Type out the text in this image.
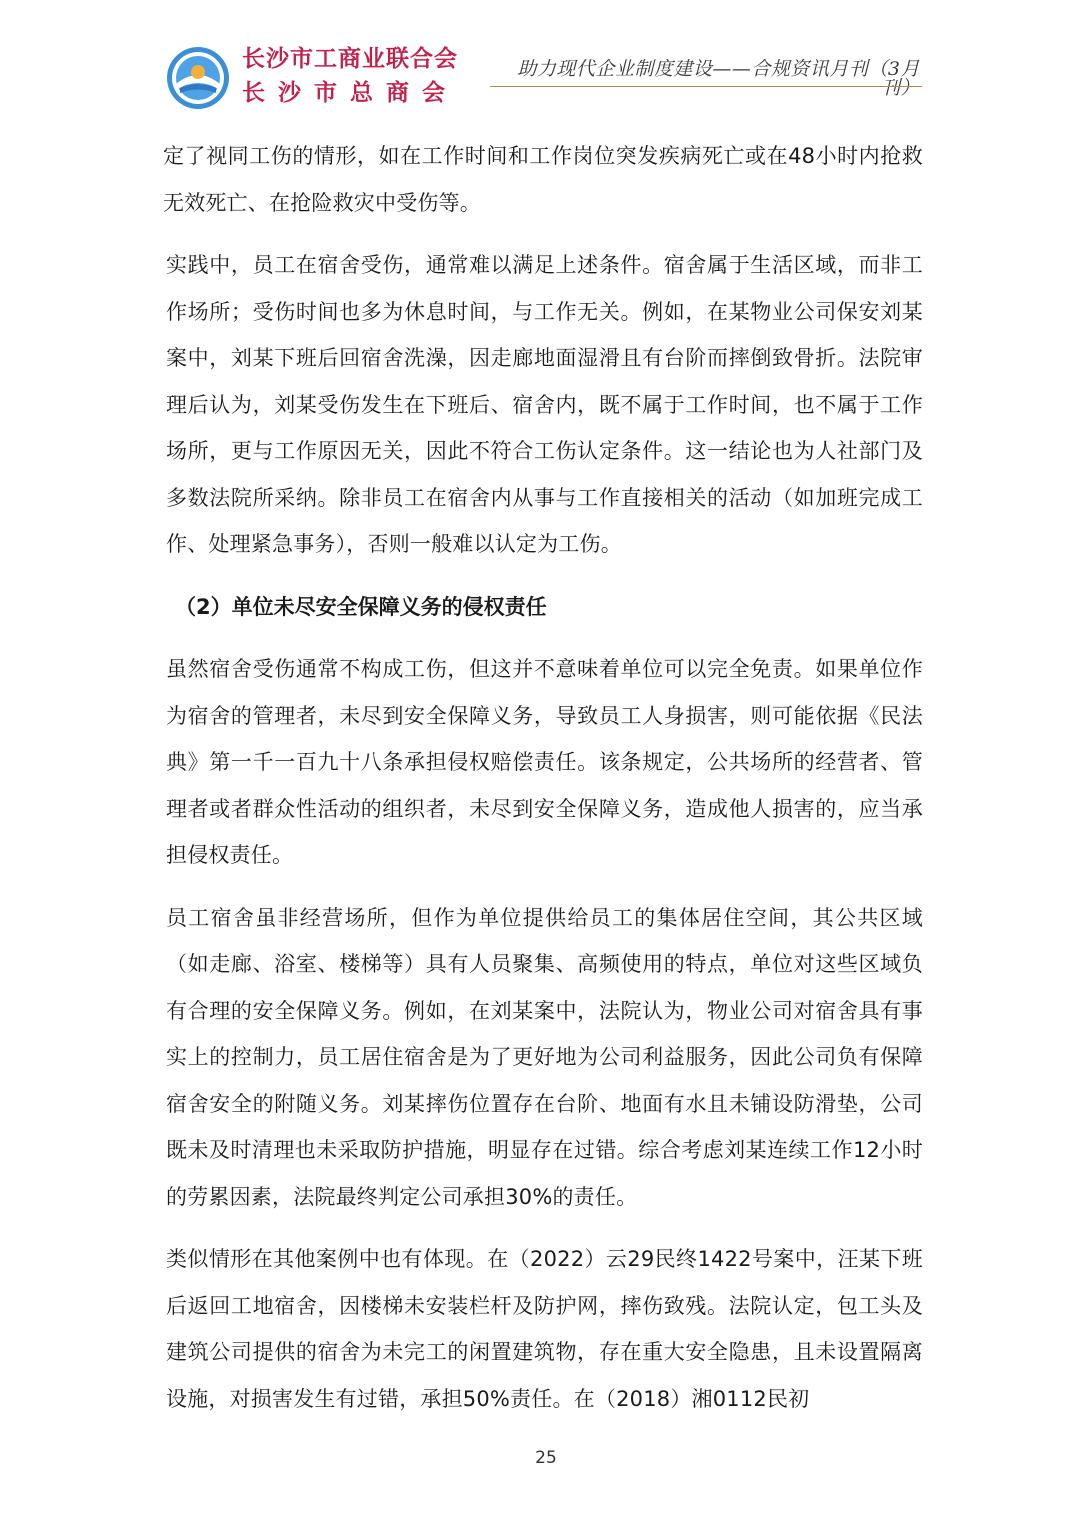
长沙市工商业联合会
长沙市总商会
助力现代企业制度建设——合规资讯月刊（3月刊）

定了视同工伤的情形，如在工作时间和工作岗位突发疾病死亡或在48小时内抢救无效死亡、在抢险救灾中受伤等。

实践中，员工在宿舍受伤，通常难以满足上述条件。宿舍属于生活区域，而非工作场所；受伤时间也多为休息时间，与工作无关。例如，在某物业公司保安刘某案中，刘某下班后回宿舍洗澡，因走廊地面湿滑且有台阶而摔倒致骨折。法院审理后认为，刘某受伤发生在下班后、宿舍内，既不属于工作时间，也不属于工作场所，更与工作原因无关，因此不符合工伤认定条件。这一结论也为人社部门及多数法院所采纳。除非员工在宿舍内从事与工作直接相关的活动（如加班完成工作、处理紧急事务），否则一般难以认定为工伤。

（2）单位未尽安全保障义务的侵权责任

虽然宿舍受伤通常不构成工伤，但这并不意味着单位可以完全免责。如果单位作为宿舍的管理者，未尽到安全保障义务，导致员工人身损害，则可能依据《民法典》第一千一百九十八条承担侵权赔偿责任。该条规定，公共场所的经营者、管理者或者群众性活动的组织者，未尽到安全保障义务，造成他人损害的，应当承担侵权责任。

员工宿舍虽非经营场所，但作为单位提供给员工的集体居住空间，其公共区域（如走廊、浴室、楼梯等）具有人员聚集、高频使用的特点，单位对这些区域负有合理的安全保障义务。例如，在刘某案中，法院认为，物业公司对宿舍具有事实上的控制力，员工居住宿舍是为了更好地为公司利益服务，因此公司负有保障宿舍安全的附随义务。刘某摔伤位置存在台阶、地面有水且未铺设防滑垫，公司既未及时清理也未采取防护措施，明显存在过错。综合考虑刘某连续工作12小时的劳累因素，法院最终判定公司承担30%的责任。

类似情形在其他案例中也有体现。在（2022）云29民终1422号案中，汪某下班后返回工地宿舍，因楼梯未安装栏杆及防护网，摔伤致残。法院认定，包工头及建筑公司提供的宿舍为未完工的闲置建筑物，存在重大安全隐患，且未设置隔离设施，对损害发生有过错，承担50%责任。在（2018）湘0112民初

25
